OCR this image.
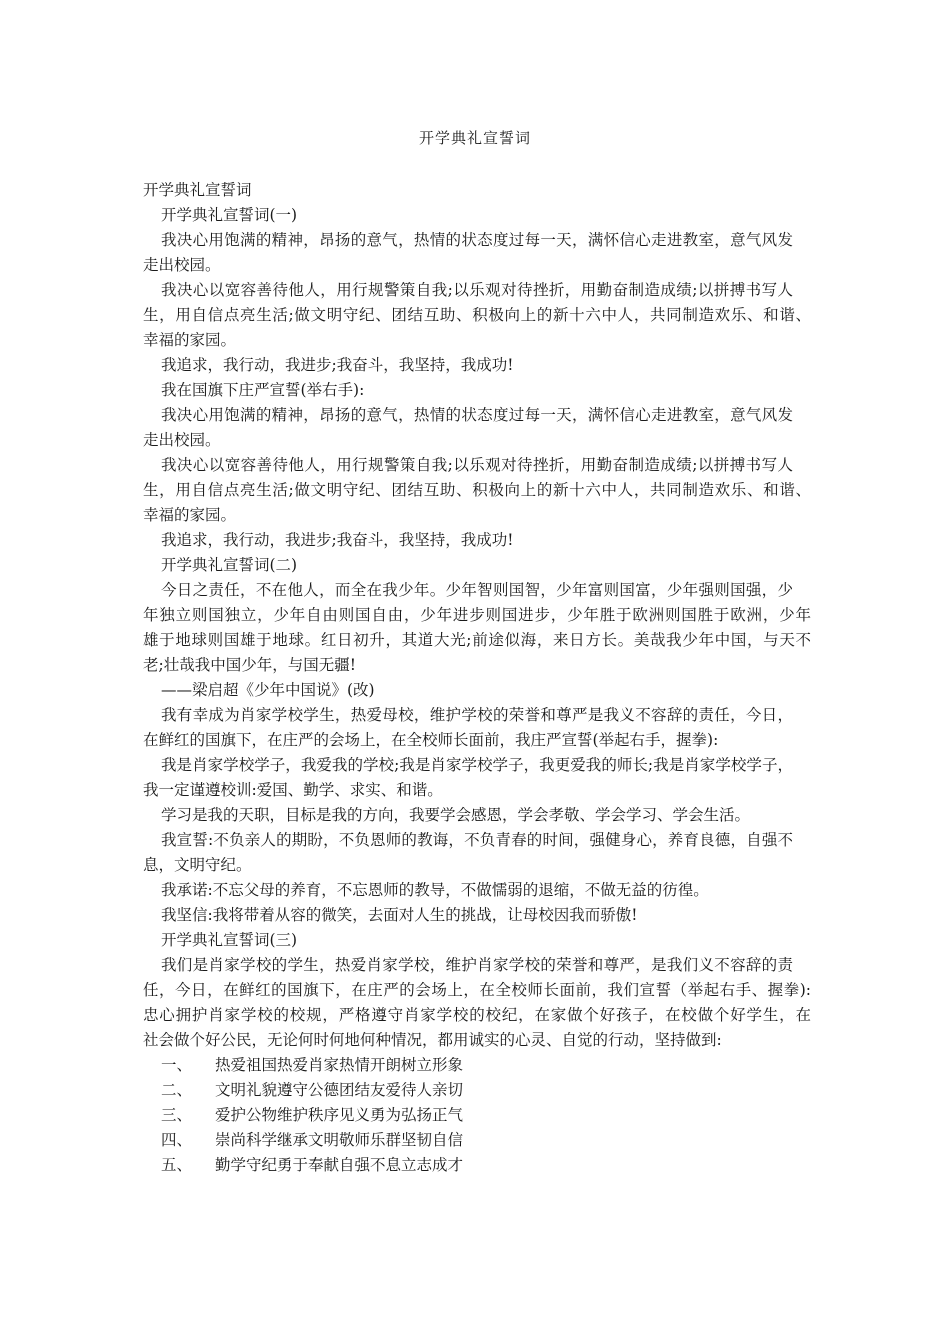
开学典礼宣誓词
开学典礼宣誓词
开学典礼宣誓词(一)
我决心用饱满的精神，昂扬的意气，热情的状态度过每一天，满怀信心走进教室，意气风发
走出校园。
我决心以宽容善待他人，用行规警策自我;以乐观对待挫折，用勤奋制造成绩;以拼搏书写人
生，用自信点亮生活;做文明守纪、团结互助、积极向上的新十六中人，共同制造欢乐、和谐、
幸福的家园。
我追求，我行动，我进步;我奋斗，我坚持，我成功!
我在国旗下庄严宣誓(举右手):
我决心用饱满的精神，昂扬的意气，热情的状态度过每一天，满怀信心走进教室，意气风发
走出校园。
我决心以宽容善待他人，用行规警策自我;以乐观对待挫折，用勤奋制造成绩;以拼搏书写人
生，用自信点亮生活;做文明守纪、团结互助、积极向上的新十六中人，共同制造欢乐、和谐、
幸福的家园。
我追求，我行动，我进步;我奋斗，我坚持，我成功!
开学典礼宣誓词(二)
今日之责任，不在他人，而全在我少年。少年智则国智，少年富则国富，少年强则国强，少
年独立则国独立，少年自由则国自由，少年进步则国进步，少年胜于欧洲则国胜于欧洲，少年
雄于地球则国雄于地球。红日初升，其道大光;前途似海，来日方长。美哉我少年中国，与天不
老;壮哉我中国少年，与国无疆!
——梁启超《少年中国说》(改)
我有幸成为肖家学校学生，热爱母校，维护学校的荣誉和尊严是我义不容辞的责任，今日，
在鲜红的国旗下，在庄严的会场上，在全校师长面前，我庄严宣誓(举起右手，握拳):
我是肖家学校学子，我爱我的学校;我是肖家学校学子，我更爱我的师长;我是肖家学校学子，
我一定谨遵校训:爱国、勤学、求实、和谐。
学习是我的天职，目标是我的方向，我要学会感恩，学会孝敬、学会学习、学会生活。
我宣誓:不负亲人的期盼，不负恩师的教诲，不负青春的时间，强健身心，养育良德，自强不
息，文明守纪。
我承诺:不忘父母的养育，不忘恩师的教导，不做懦弱的退缩，不做无益的彷徨。
我坚信:我将带着从容的微笑，去面对人生的挑战，让母校因我而骄傲!
开学典礼宣誓词(三)
我们是肖家学校的学生，热爱肖家学校，维护肖家学校的荣誉和尊严，是我们义不容辞的责
任，今日，在鲜红的国旗下，在庄严的会场上，在全校师长面前，我们宣誓（举起右手、握拳):
忠心拥护肖家学校的校规，严格遵守肖家学校的校纪，在家做个好孩子，在校做个好学生，在
社会做个好公民，无论何时何地何种情况，都用诚实的心灵、自觉的行动，坚持做到:
一、	热爱祖国热爱肖家热情开朗树立形象
二、	文明礼貌遵守公德团结友爱待人亲切
三、	爱护公物维护秩序见义勇为弘扬正气
四、	崇尚科学继承文明敬师乐群坚韧自信
五、	勤学守纪勇于奉献自强不息立志成才
